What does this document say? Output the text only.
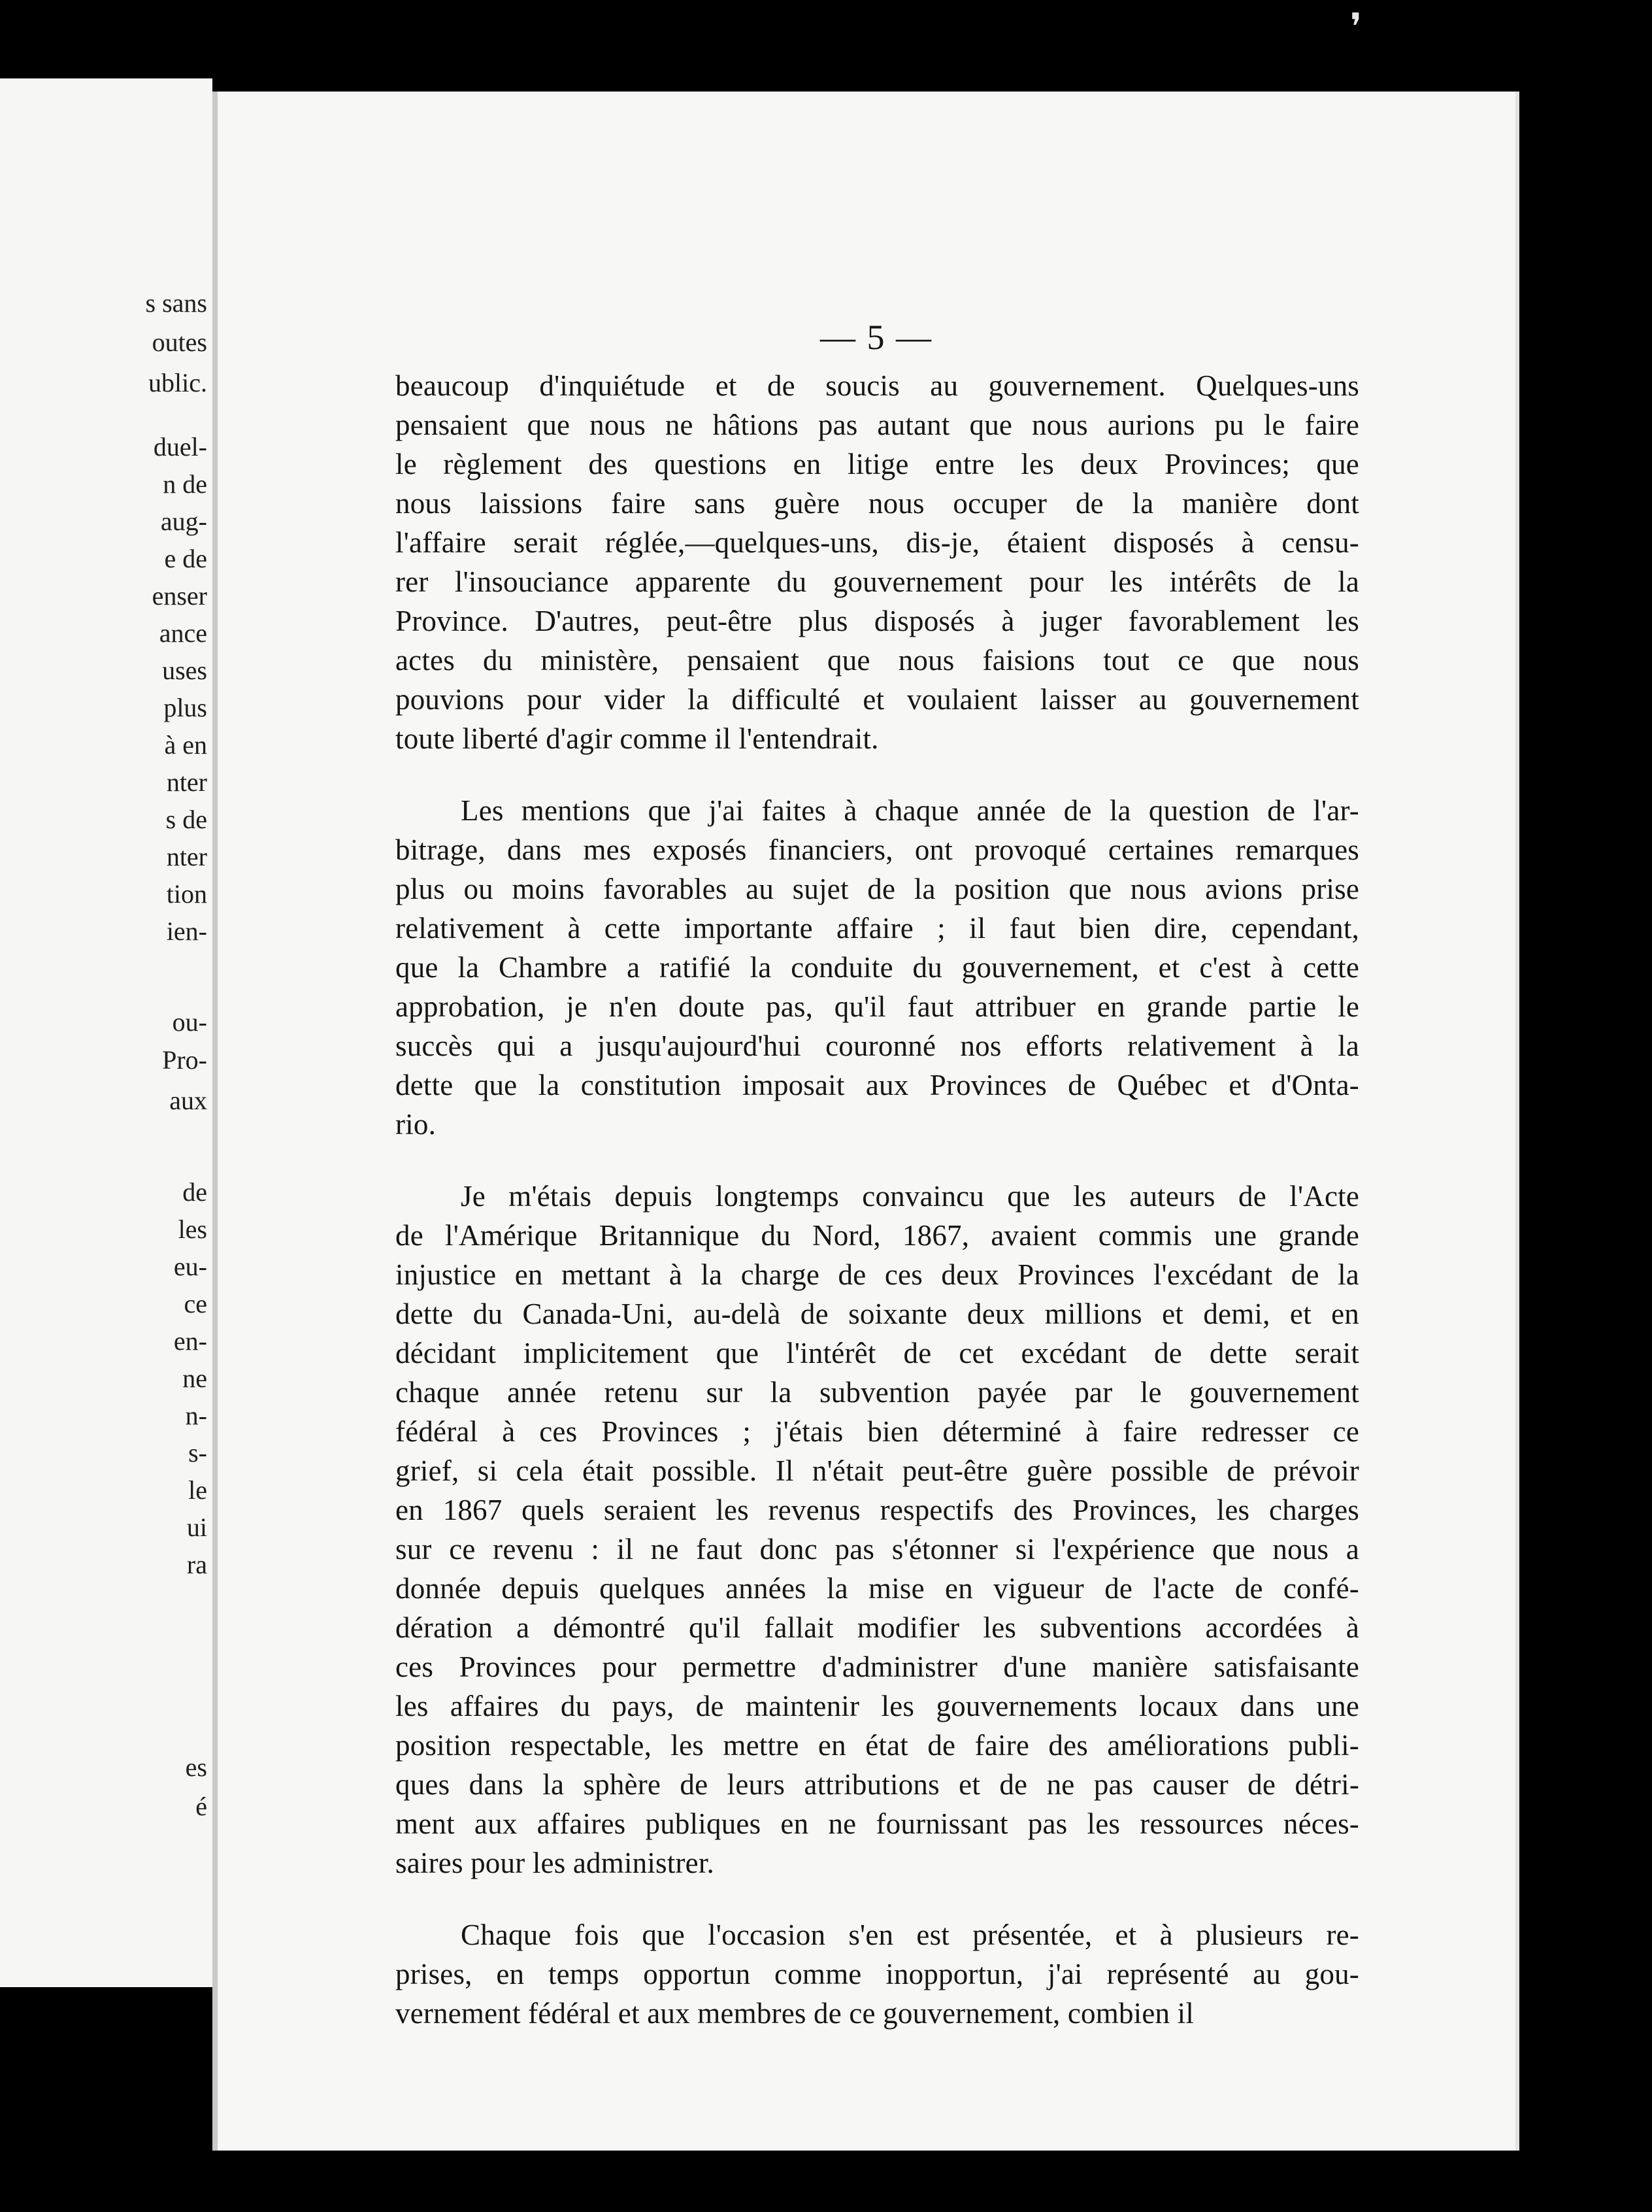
❜
s sans
outes
ublic.
duel-
n de
aug-
e de
enser
ance
uses
plus
à en
nter
s de
nter
tion
ien-
ou-
Pro-
aux
de
les
eu-
ce
en-
ne
n-
s-
le
ui
ra
es
é
— 5 —
beaucoup d'inquiétude et de soucis au gouvernement. Quelques-uns
pensaient que nous ne hâtions pas autant que nous aurions pu le faire
le règlement des questions en litige entre les deux Provinces; que
nous laissions faire sans guère nous occuper de la manière dont
l'affaire serait réglée,—quelques-uns, dis-je, étaient disposés à censu-
rer l'insouciance apparente du gouvernement pour les intérêts de la
Province. D'autres, peut-être plus disposés à juger favorablement les
actes du ministère, pensaient que nous faisions tout ce que nous
pouvions pour vider la difficulté et voulaient laisser au gouvernement
toute liberté d'agir comme il l'entendrait.
Les mentions que j'ai faites à chaque année de la question de l'ar-
bitrage, dans mes exposés financiers, ont provoqué certaines remarques
plus ou moins favorables au sujet de la position que nous avions prise
relativement à cette importante affaire ; il faut bien dire, cependant,
que la Chambre a ratifié la conduite du gouvernement, et c'est à cette
approbation, je n'en doute pas, qu'il faut attribuer en grande partie le
succès qui a jusqu'aujourd'hui couronné nos efforts relativement à la
dette que la constitution imposait aux Provinces de Québec et d'Onta-
rio.
Je m'étais depuis longtemps convaincu que les auteurs de l'Acte
de l'Amérique Britannique du Nord, 1867, avaient commis une grande
injustice en mettant à la charge de ces deux Provinces l'excédant de la
dette du Canada-Uni, au-delà de soixante deux millions et demi, et en
décidant implicitement que l'intérêt de cet excédant de dette serait
chaque année retenu sur la subvention payée par le gouvernement
fédéral à ces Provinces ; j'étais bien déterminé à faire redresser ce
grief, si cela était possible. Il n'était peut-être guère possible de prévoir
en 1867 quels seraient les revenus respectifs des Provinces, les charges
sur ce revenu : il ne faut donc pas s'étonner si l'expérience que nous a
donnée depuis quelques années la mise en vigueur de l'acte de confé-
dération a démontré qu'il fallait modifier les subventions accordées à
ces Provinces pour permettre d'administrer d'une manière satisfaisante
les affaires du pays, de maintenir les gouvernements locaux dans une
position respectable, les mettre en état de faire des améliorations publi-
ques dans la sphère de leurs attributions et de ne pas causer de détri-
ment aux affaires publiques en ne fournissant pas les ressources néces-
saires pour les administrer.
Chaque fois que l'occasion s'en est présentée, et à plusieurs re-
prises, en temps opportun comme inopportun, j'ai représenté au gou-
vernement fédéral et aux membres de ce gouvernement, combien il
